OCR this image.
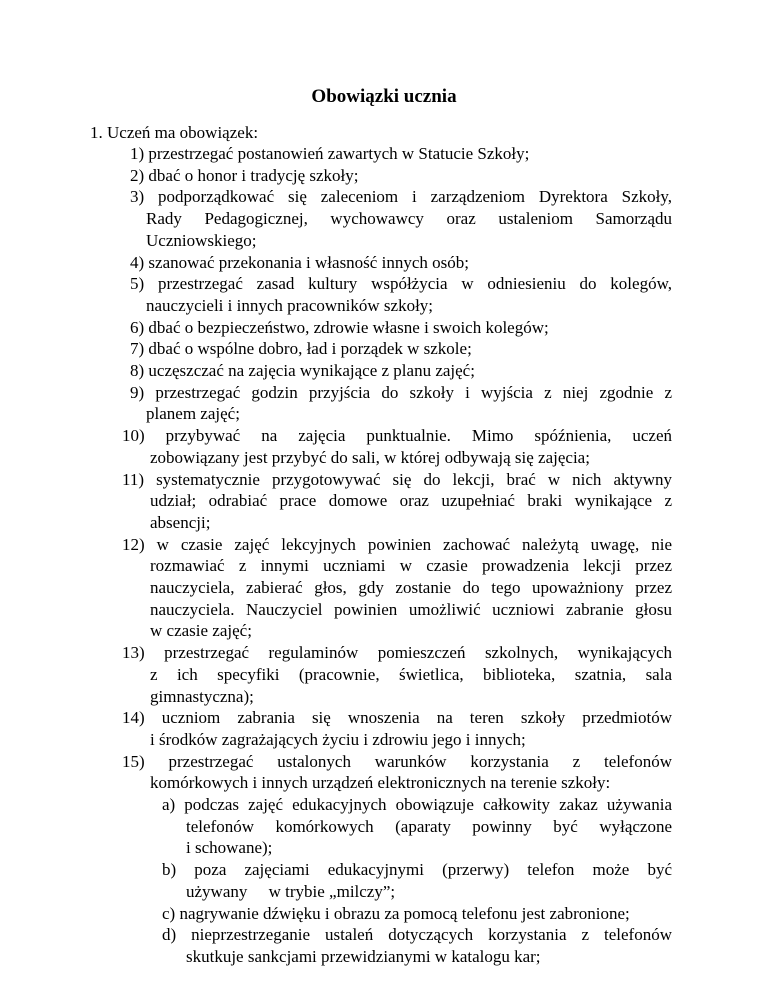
Obowiązki ucznia

1. Uczeń ma obowiązek:

1) przestrzegać postanowień zawartych w Statucie Szkoły;
2) dbać o honor i tradycję szkoły;
3) podporządkować się zaleceniom i zarządzeniom Dyrektora Szkoły,
Rady Pedagogicznej, wychowawcy oraz ustaleniom Samorządu
Uczniowskiego;
4) szanować przekonania i własność innych osób;
5) przestrzegać zasad kultury współżycia w odniesieniu do kolegów,
nauczycieli i innych pracowników szkoły;
6) dbać o bezpieczeństwo, zdrowie własne i swoich kolegów;
7) dbać o wspólne dobro, ład i porządek w szkole;
8) uczęszczać na zajęcia wynikające z planu zajęć;
9) przestrzegać godzin przyjścia do szkoły i wyjścia z niej zgodnie z
planem zajęć;
10) przybywać na zajęcia punktualnie. Mimo spóźnienia, uczeń
zobowiązany jest przybyć do sali, w której odbywają się zajęcia;
11) systematycznie przygotowywać się do lekcji, brać w nich aktywny
udział; odrabiać prace domowe oraz uzupełniać braki wynikające z
absencji;
12) w czasie zajęć lekcyjnych powinien zachować należytą uwagę, nie
rozmawiać z innymi uczniami w czasie prowadzenia lekcji przez
nauczyciela, zabierać głos, gdy zostanie do tego upoważniony przez
nauczyciela. Nauczyciel powinien umożliwić uczniowi zabranie głosu
w czasie zajęć;
13) przestrzegać regulaminów pomieszczeń szkolnych, wynikających
z ich specyfiki (pracownie, świetlica, biblioteka, szatnia, sala
gimnastyczna);
14) uczniom zabrania się wnoszenia na teren szkoły przedmiotów
i środków zagrażających życiu i zdrowiu jego i innych;
15) przestrzegać ustalonych warunków korzystania z telefonów
komórkowych i innych urządzeń elektronicznych na terenie szkoły:
a) podczas zajęć edukacyjnych obowiązuje całkowity zakaz używania
telefonów komórkowych (aparaty powinny być wyłączone
i schowane);
b) poza zajęciami edukacyjnymi (przerwy) telefon może być
używany     w trybie „milczy”;
c) nagrywanie dźwięku i obrazu za pomocą telefonu jest zabronione;
d) nieprzestrzeganie ustaleń dotyczących korzystania z telefonów
skutkuje sankcjami przewidzianymi w katalogu kar;
